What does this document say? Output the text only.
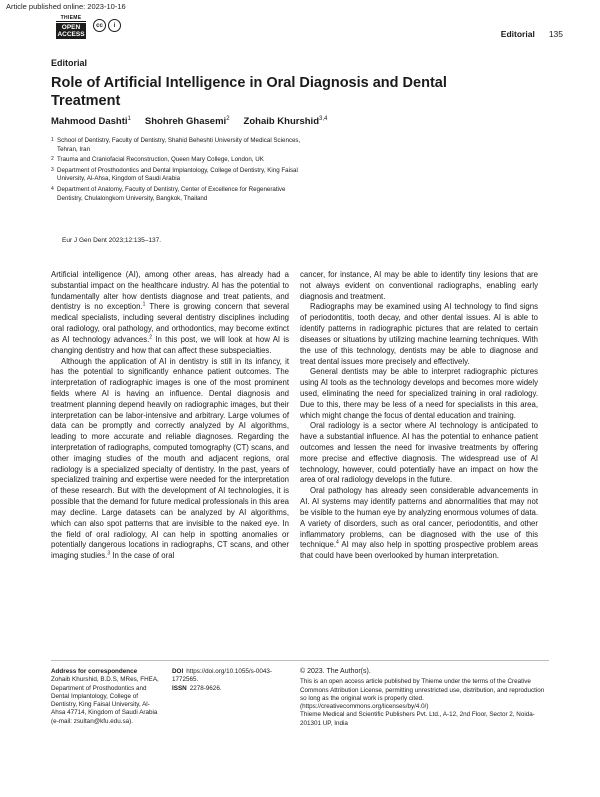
Article published online: 2023-10-16
THIEME
OPEN
ACCESS
cc	i
Editorial 135
Editorial
Role of Artificial Intelligence in Oral Diagnosis and Dental Treatment
Mahmood Dashti$^1$ Shohreh Ghasemi$^2$ Zohaib Khurshid$^{3,4}$
1 School of Dentistry, Faculty of Dentistry, Shahid Beheshti University of Medical Sciences, Tehran, Iran
2 Trauma and Craniofacial Reconstruction, Queen Mary College, London, UK
3 Department of Prosthodontics and Dental Implantology, College of Dentistry, King Faisal University, Al-Ahsa, Kingdom of Saudi Arabia
4 Department of Anatomy, Faculty of Dentistry, Center of Excellence for Regenerative Dentistry, Chulalongkorn University, Bangkok, Thailand
Eur J Gen Dent 2023;12:135–137.

Artificial intelligence (AI), among other areas, has already had a substantial impact on the healthcare industry. AI has the potential to fundamentally alter how dentists diagnose and treat patients, and dentistry is no exception.$^1$ There is growing concern that several medical specialists, including several dentistry disciplines including oral radiology, oral pathology, and orthodontics, may become extinct as AI technology advances.$^2$ In this post, we will look at how AI is changing dentistry and how that can affect these subspecialties.

Although the application of AI in dentistry is still in its infancy, it has the potential to significantly enhance patient outcomes. The interpretation of radiographic images is one of the most prominent fields where AI is having an influence. Dental diagnosis and treatment planning depend heavily on radiographic images, but their interpretation can be labor-intensive and arbitrary. Large volumes of data can be promptly and correctly analyzed by AI algorithms, leading to more accurate and reliable diagnoses. Regarding the interpretation of radiographs, computed tomography (CT) scans, and other imaging studies of the mouth and adjacent regions, oral radiology is a specialized specialty of dentistry. In the past, years of specialized training and expertise were needed for the interpretation of these research. But with the development of AI technologies, it is possible that the demand for future medical professionals in this area may decline. Large datasets can be analyzed by AI algorithms, which can also spot patterns that are invisible to the naked eye. In the field of oral radiology, AI can help in spotting anomalies or potentially dangerous locations in radiographs, CT scans, and other imaging studies.$^3$ In the case of oral

cancer, for instance, AI may be able to identify tiny lesions that are not always evident on conventional radiographs, enabling early diagnosis and treatment.

Radiographs may be examined using AI technology to find signs of periodontitis, tooth decay, and other dental issues. AI is able to identify patterns in radiographic pictures that are related to certain diseases or situations by utilizing machine learning techniques. With the use of this technology, dentists may be able to diagnose and treat dental issues more precisely and effectively.

General dentists may be able to interpret radiographic pictures using AI tools as the technology develops and becomes more widely used, eliminating the need for specialized training in oral radiology. Due to this, there may be less of a need for specialists in this area, which might change the focus of dental education and training.

Oral radiology is a sector where AI technology is anticipated to have a substantial influence. AI has the potential to enhance patient outcomes and lessen the need for invasive treatments by offering more precise and effective diagnosis. The widespread use of AI technology, however, could potentially have an impact on how the area of oral radiology develops in the future.

Oral pathology has already seen considerable advancements in AI. AI systems may identify patterns and abnormalities that may not be visible to the human eye by analyzing enormous volumes of data. A variety of disorders, such as oral cancer, periodontitis, and other inflammatory problems, can be diagnosed with the use of this technique.$^4$ AI may also help in spotting prospective problem areas that could have been overlooked by human interpretation.

Address for correspondence
Zohaib Khurshid, B.D.S, MRes, FHEA, Department of Prosthodontics and Dental Implantology, College of Dentistry, King Faisal University, Al-Ahsa 47714, Kingdom of Saudi Arabia (e-mail: zsultan@kfu.edu.sa).
DOI https://doi.org/10.1055/s-0043-1772565.
ISSN 2278-9626.
© 2023. The Author(s).
This is an open access article published by Thieme under the terms of the Creative Commons Attribution License, permitting unrestricted use, distribution, and reproduction so long as the original work is properly cited. (https://creativecommons.org/licenses/by/4.0/)
Thieme Medical and Scientific Publishers Pvt. Ltd., A-12, 2nd Floor, Sector 2, Noida-201301 UP, India
